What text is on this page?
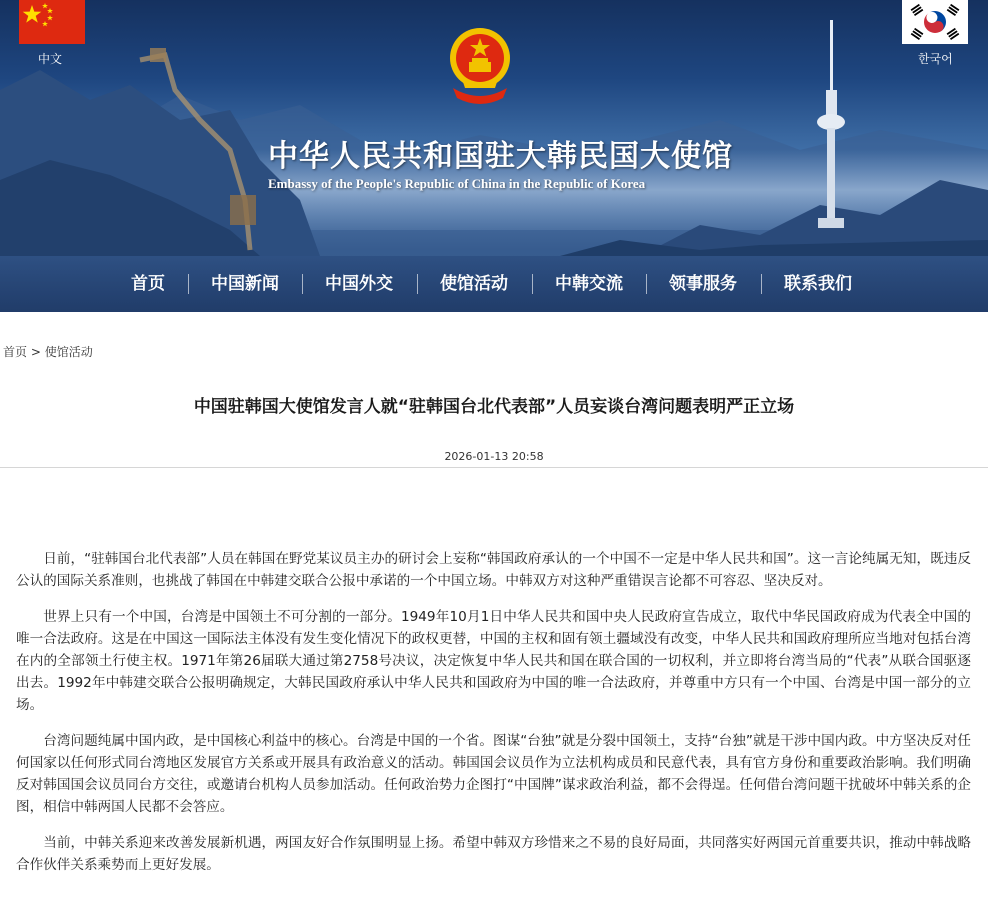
中文	한국어
中华人民共和国驻大韩民国大使馆
Embassy of the People's Republic of China in the Republic of Korea
首页	中国新闻	中国外交	使馆活动	中韩交流	领事服务	联系我们
首页 > 使馆活动
中国驻韩国大使馆发言人就“驻韩国台北代表部”人员妄谈台湾问题表明严正立场
2026-01-13 20:58

日前，“驻韩国台北代表部”人员在韩国在野党某议员主办的研讨会上妄称“韩国政府承认的一个中国不一定是中华人民共和国”。这一言论纯属无知，既违反公认的国际关系准则，也挑战了韩国在中韩建交联合公报中承诺的一个中国立场。中韩双方对这种严重错误言论都不可容忍、坚决反对。

世界上只有一个中国，台湾是中国领土不可分割的一部分。1949年10月1日中华人民共和国中央人民政府宣告成立，取代中华民国政府成为代表全中国的唯一合法政府。这是在中国这一国际法主体没有发生变化情况下的政权更替，中国的主权和固有领土疆域没有改变，中华人民共和国政府理所应当地对包括台湾在内的全部领土行使主权。1971年第26届联大通过第2758号决议，决定恢复中华人民共和国在联合国的一切权利，并立即将台湾当局的“代表”从联合国驱逐出去。1992年中韩建交联合公报明确规定，大韩民国政府承认中华人民共和国政府为中国的唯一合法政府，并尊重中方只有一个中国、台湾是中国一部分的立场。

台湾问题纯属中国内政，是中国核心利益中的核心。台湾是中国的一个省。图谋“台独”就是分裂中国领土，支持“台独”就是干涉中国内政。中方坚决反对任何国家以任何形式同台湾地区发展官方关系或开展具有政治意义的活动。韩国国会议员作为立法机构成员和民意代表，具有官方身份和重要政治影响。我们明确反对韩国国会议员同台方交往，或邀请台机构人员参加活动。任何政治势力企图打“中国牌”谋求政治利益，都不会得逞。任何借台湾问题干扰破坏中韩关系的企图，相信中韩两国人民都不会答应。

当前，中韩关系迎来改善发展新机遇，两国友好合作氛围明显上扬。希望中韩双方珍惜来之不易的良好局面，共同落实好两国元首重要共识，推动中韩战略合作伙伴关系乘势而上更好发展。
